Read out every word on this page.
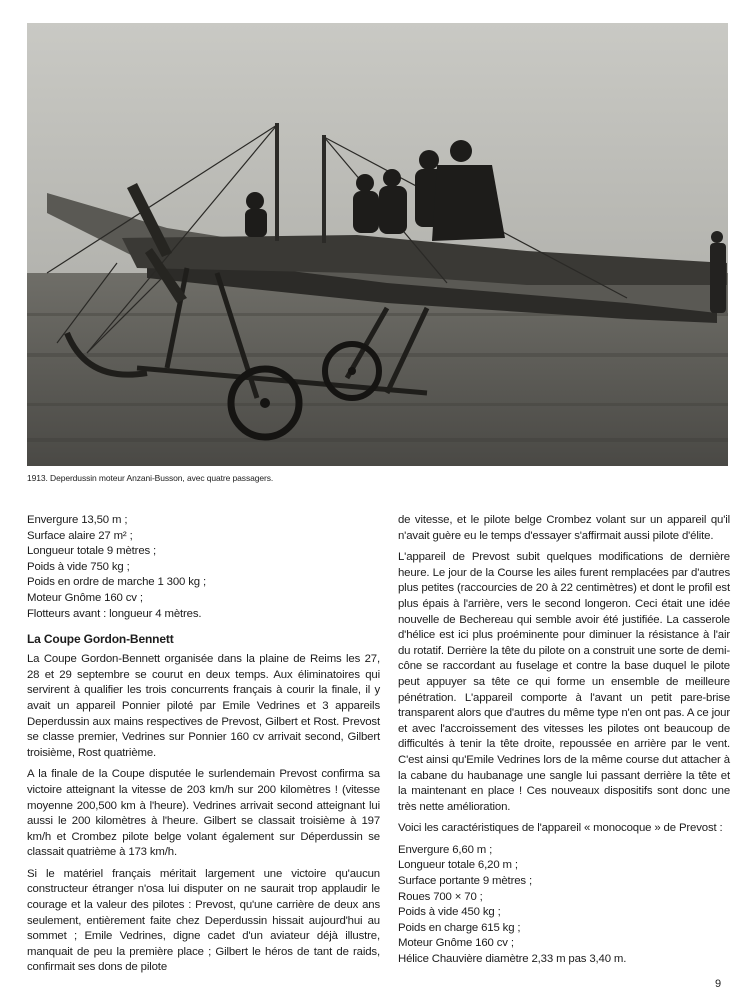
1913. Deperdussin moteur Anzani-Busson, avec quatre passagers.
Envergure 13,50 m ;
Surface alaire 27 m² ;
Longueur totale 9 mètres ;
Poids à vide 750 kg ;
Poids en ordre de marche 1 300 kg ;
Moteur Gnôme 160 cv ;
Flotteurs avant : longueur 4 mètres.
La Coupe Gordon-Bennett

La Coupe Gordon-Bennett organisée dans la plaine de Reims les 27, 28 et 29 septembre se courut en deux temps. Aux éliminatoires qui servirent à qualifier les trois concurrents français à courir la finale, il y avait un appareil Ponnier piloté par Emile Vedrines et 3 appareils Deperdussin aux mains respectives de Prevost, Gilbert et Rost. Prevost se classe premier, Vedrines sur Ponnier 160 cv arrivait second, Gilbert troisième, Rost quatrième.

A la finale de la Coupe disputée le surlendemain Prevost confirma sa victoire atteignant la vitesse de 203 km/h sur 200 kilomètres ! (vitesse moyenne 200,500 km à l'heure). Vedrines arrivait second atteignant lui aussi le 200 kilomètres à l'heure. Gilbert se classait troisième à 197 km/h et Crombez pilote belge volant également sur Déperdussin se classait quatrième à 173 km/h.

Si le matériel français méritait largement une victoire qu'aucun constructeur étranger n'osa lui disputer on ne saurait trop applaudir le courage et la valeur des pilotes : Prevost, qu'une carrière de deux ans seulement, entièrement faite chez Deperdussin hissait aujourd'hui au sommet ; Emile Vedrines, digne cadet d'un aviateur déjà illustre, manquait de peu la première place ; Gilbert le héros de tant de raids, confirmait ses dons de pilote

de vitesse, et le pilote belge Crombez volant sur un appareil qu'il n'avait guère eu le temps d'essayer s'affirmait aussi pilote d'élite.

L'appareil de Prevost subit quelques modifications de dernière heure. Le jour de la Course les ailes furent remplacées par d'autres plus petites (raccourcies de 20 à 22 centimètres) et dont le profil est plus épais à l'arrière, vers le second longeron. Ceci était une idée nouvelle de Bechereau qui semble avoir été justifiée. La casserole d'hélice est ici plus proéminente pour diminuer la résistance à l'air du rotatif. Derrière la tête du pilote on a construit une sorte de demi-cône se raccordant au fuselage et contre la base duquel le pilote peut appuyer sa tête ce qui forme un ensemble de meilleure pénétration. L'appareil comporte à l'avant un petit pare-brise transparent alors que d'autres du même type n'en ont pas. A ce jour et avec l'accroissement des vitesses les pilotes ont beaucoup de difficultés à tenir la tête droite, repoussée en arrière par le vent. C'est ainsi qu'Emile Vedrines lors de la même course dut attacher à la cabane du haubanage une sangle lui passant derrière la tête et la maintenant en place ! Ces nouveaux dispositifs sont donc une très nette amélioration.

Voici les caractéristiques de l'appareil « monocoque » de Prevost :

Envergure 6,60 m ;
Longueur totale 6,20 m ;
Surface portante 9 mètres ;
Roues 700 × 70 ;
Poids à vide 450 kg ;
Poids en charge 615 kg ;
Moteur Gnôme 160 cv ;
Hélice Chauvière diamètre 2,33 m pas 3,40 m.
9
